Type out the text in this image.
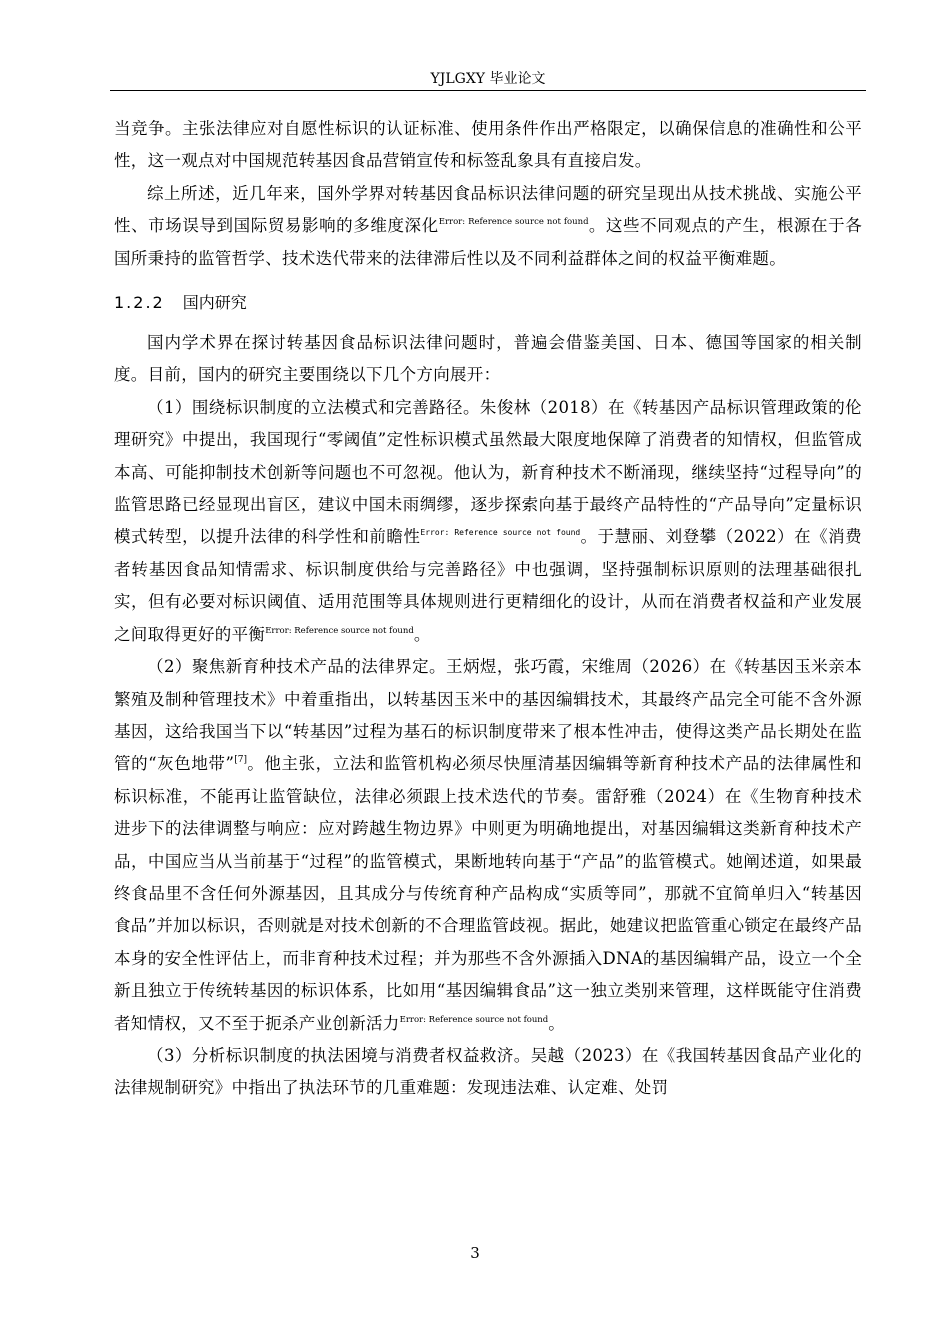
YJLGXY 毕业论文

当竞争。主张法律应对自愿性标识的认证标准、使用条件作出严格限定，以确保信息的准确性和公平性，这一观点对中国规范转基因食品营销宣传和标签乱象具有直接启发。

综上所述，近几年来，国外学界对转基因食品标识法律问题的研究呈现出从技术挑战、实施公平性、市场误导到国际贸易影响的多维度深化$^{Error: Reference source not found}$。这些不同观点的产生，根源在于各国所秉持的监管哲学、技术迭代带来的法律滞后性以及不同利益群体之间的权益平衡难题。

1.2.2 国内研究

国内学术界在探讨转基因食品标识法律问题时，普遍会借鉴美国、日本、德国等国家的相关制度。目前，国内的研究主要围绕以下几个方向展开：

（1）围绕标识制度的立法模式和完善路径。朱俊林（2018）在《转基因产品标识管理政策的伦理研究》中提出，我国现行“零阈值”定性标识模式虽然最大限度地保障了消费者的知情权，但监管成本高、可能抑制技术创新等问题也不可忽视。他认为，新育种技术不断涌现，继续坚持“过程导向”的监管思路已经显现出盲区，建议中国未雨绸缪，逐步探索向基于最终产品特性的“产品导向”定量标识模式转型，以提升法律的科学性和前瞻性$^{Error: Reference source not found}$。于慧丽、刘登攀（2022）在《消费者转基因食品知情需求、标识制度供给与完善路径》中也强调，坚持强制标识原则的法理基础很扎实，但有必要对标识阈值、适用范围等具体规则进行更精细化的设计，从而在消费者权益和产业发展之间取得更好的平衡$^{Error: Reference source not found}$。

（2）聚焦新育种技术产品的法律界定。王炳煜，张巧霞，宋维周（2026）在《转基因玉米亲本繁殖及制种管理技术》中着重指出，以转基因玉米中的基因编辑技术，其最终产品完全可能不含外源基因，这给我国当下以“转基因”过程为基石的标识制度带来了根本性冲击，使得这类产品长期处在监管的“灰色地带”[7]。他主张，立法和监管机构必须尽快厘清基因编辑等新育种技术产品的法律属性和标识标准，不能再让监管缺位，法律必须跟上技术迭代的节奏。雷舒雅（2024）在《生物育种技术进步下的法律调整与响应：应对跨越生物边界》中则更为明确地提出，对基因编辑这类新育种技术产品，中国应当从当前基于“过程”的监管模式，果断地转向基于“产品”的监管模式。她阐述道，如果最终食品里不含任何外源基因，且其成分与传统育种产品构成“实质等同”，那就不宜简单归入“转基因食品”并加以标识，否则就是对技术创新的不合理监管歧视。据此，她建议把监管重心锁定在最终产品本身的安全性评估上，而非育种技术过程；并为那些不含外源插入DNA的基因编辑产品，设立一个全新且独立于传统转基因的标识体系，比如用“基因编辑食品”这一独立类别来管理，这样既能守住消费者知情权，又不至于扼杀产业创新活力$^{Error: Reference source not found}$。

（3）分析标识制度的执法困境与消费者权益救济。吴越（2023）在《我国转基因食品产业化的法律规制研究》中指出了执法环节的几重难题：发现违法难、认定难、处罚

3
